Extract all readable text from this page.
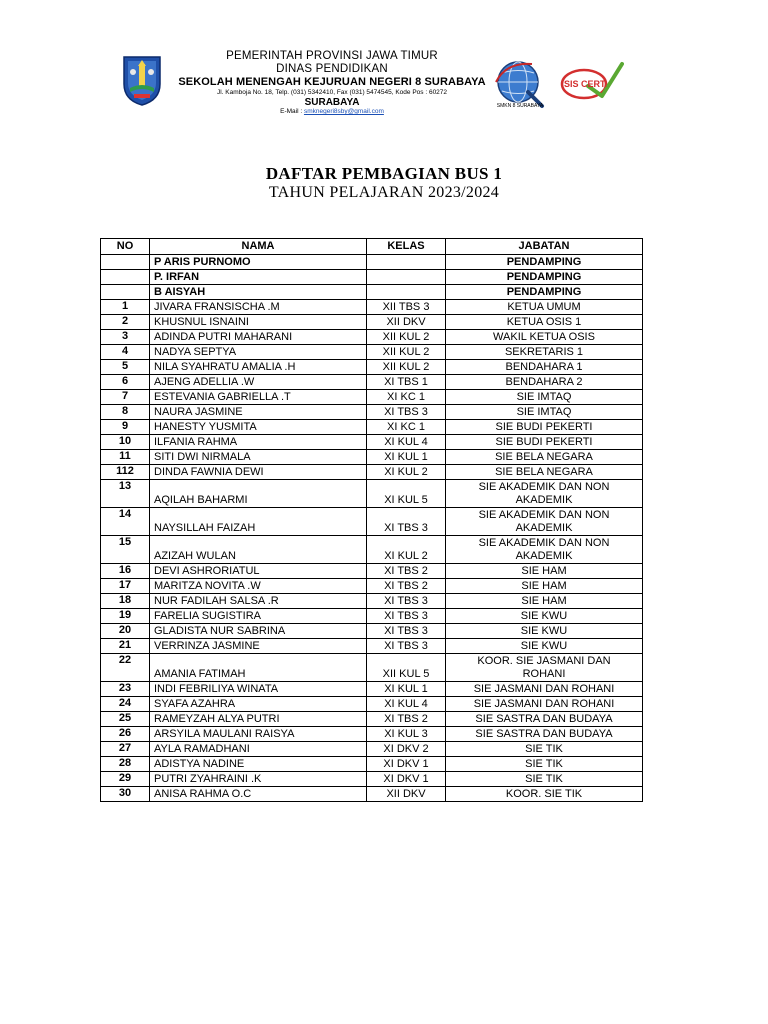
PEMERINTAH PROVINSI JAWA TIMUR
DINAS PENDIDIKAN
SEKOLAH MENENGAH KEJURUAN NEGERI 8 SURABAYA
Jl. Kamboja No. 18, Telp. (031) 5342410, Fax (031) 5474545, Kode Pos : 60272
SURABAYA
E-Mail : smknegeri8sby@gmail.com
SMKN 8 SURABAYA
SIS CERT.
DAFTAR PEMBAGIAN BUS 1
TAHUN PELAJARAN 2023/2024
NO	NAMA	KELAS	JABATAN
	P ARIS PURNOMO		PENDAMPING
	P. IRFAN		PENDAMPING
	B AISYAH		PENDAMPING
1	JIVARA FRANSISCHA .M	XII TBS 3	KETUA UMUM
2	KHUSNUL ISNAINI	XII DKV	KETUA OSIS 1
3	ADINDA PUTRI MAHARANI	XII KUL 2	WAKIL KETUA OSIS
4	NADYA SEPTYA	XII KUL 2	SEKRETARIS 1
5	NILA SYAHRATU AMALIA .H	XII KUL 2	BENDAHARA 1
6	AJENG ADELLIA .W	XI TBS 1	BENDAHARA 2
7	ESTEVANIA GABRIELLA .T	XI KC 1	SIE IMTAQ
8	NAURA JASMINE	XI TBS 3	SIE IMTAQ
9	HANESTY YUSMITA	XI KC 1	SIE BUDI PEKERTI
10	ILFANIA RAHMA	XI KUL 4	SIE BUDI PEKERTI
11	SITI DWI NIRMALA	XI KUL 1	SIE BELA NEGARA
112	DINDA FAWNIA DEWI	XI KUL 2	SIE BELA NEGARA
13	AQILAH BAHARMI	XI KUL 5	SIE AKADEMIK DAN NON
AKADEMIK

14	NAYSILLAH FAIZAH	XI TBS 3	SIE AKADEMIK DAN NON
AKADEMIK

15	AZIZAH WULAN	XI KUL 2	SIE AKADEMIK DAN NON
AKADEMIK

16	DEVI ASHRORIATUL	XI TBS 2	SIE HAM
17	MARITZA NOVITA .W	XI TBS 2	SIE HAM
18	NUR FADILAH SALSA .R	XI TBS 3	SIE HAM
19	FARELIA SUGISTIRA	XI TBS 3	SIE KWU
20	GLADISTA NUR SABRINA	XI TBS 3	SIE KWU
21	VERRINZA JASMINE	XI TBS 3	SIE KWU
22	AMANIA FATIMAH	XII KUL 5	KOOR. SIE JASMANI DAN
ROHANI

23	INDI FEBRILIYA WINATA	XI KUL 1	SIE JASMANI DAN ROHANI
24	SYAFA AZAHRA	XI KUL 4	SIE JASMANI DAN ROHANI
25	RAMEYZAH ALYA PUTRI	XI TBS 2	SIE SASTRA DAN BUDAYA
26	ARSYILA MAULANI RAISYA	XI KUL 3	SIE SASTRA DAN BUDAYA
27	AYLA RAMADHANI	XI DKV 2	SIE TIK
28	ADISTYA NADINE	XI DKV 1	SIE TIK
29	PUTRI ZYAHRAINI .K	XI DKV 1	SIE TIK
30	ANISA RAHMA O.C	XII DKV	KOOR. SIE TIK
